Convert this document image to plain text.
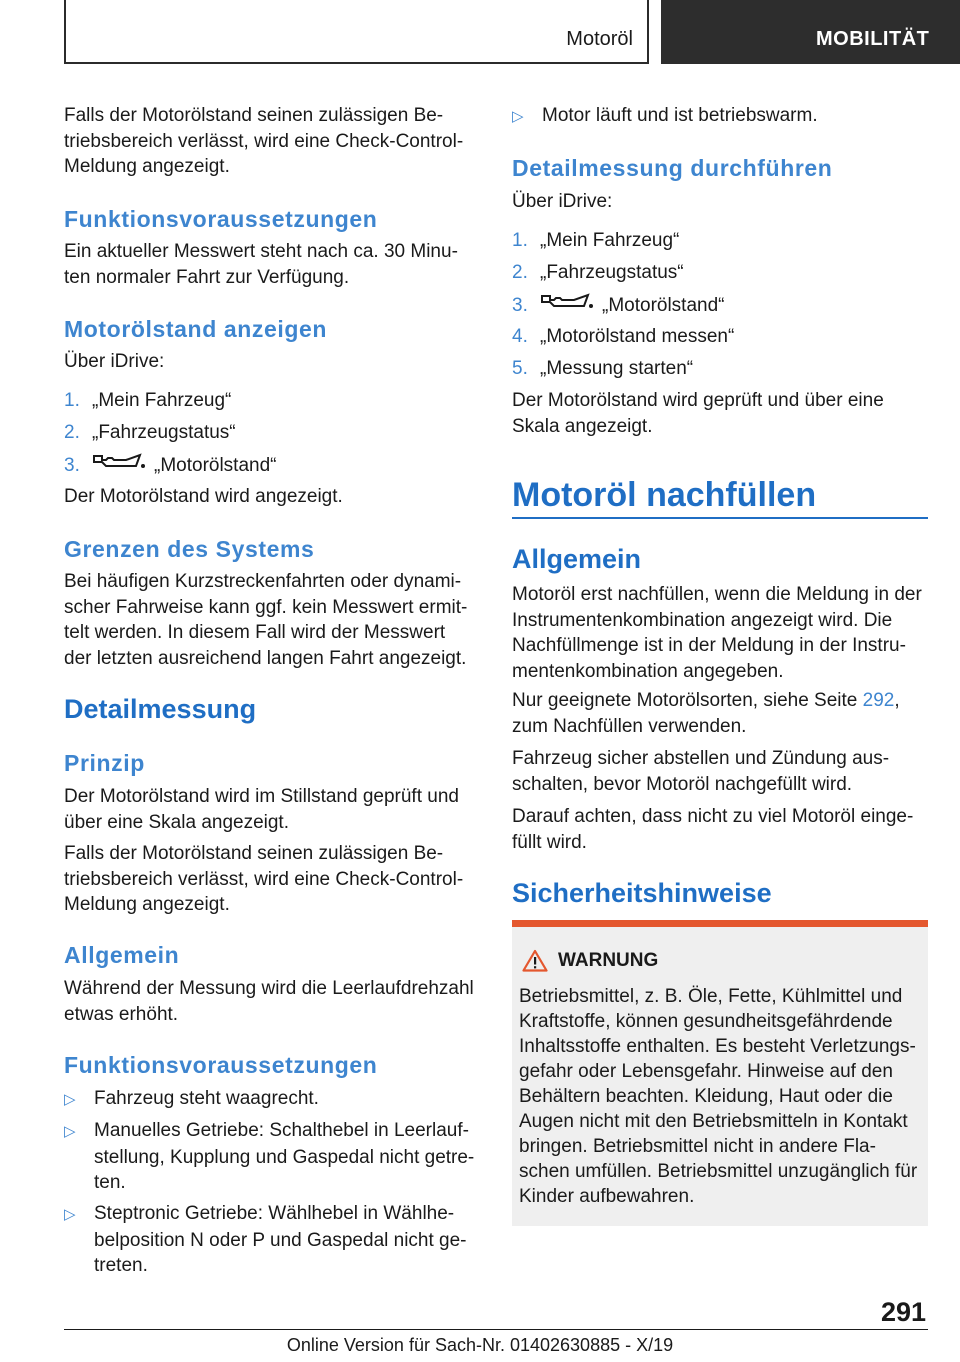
Motoröl	MOBILITÄT
Falls der Motorölstand seinen zulässigen Be-
triebsbereich verlässt, wird eine Check-Control-
Meldung angezeigt.
Funktionsvoraussetzungen
Ein aktueller Messwert steht nach ca. 30 Minu-
ten normaler Fahrt zur Verfügung.
Motorölstand anzeigen
Über iDrive:
1. „Mein Fahrzeug“
2. „Fahrzeugstatus“
3.	„Motorölstand“
Der Motorölstand wird angezeigt.
Grenzen des Systems
Bei häufigen Kurzstreckenfahrten oder dynami-
scher Fahrweise kann ggf. kein Messwert ermit-
telt werden. In diesem Fall wird der Messwert
der letzten ausreichend langen Fahrt angezeigt.
Detailmessung
Prinzip
Der Motorölstand wird im Stillstand geprüft und
über eine Skala angezeigt.
Falls der Motorölstand seinen zulässigen Be-
triebsbereich verlässt, wird eine Check-Control-
Meldung angezeigt.
Allgemein
Während der Messung wird die Leerlaufdrehzahl
etwas erhöht.
Funktionsvoraussetzungen
▷ Fahrzeug steht waagrecht.
▷ Manuelles Getriebe: Schalthebel in Leerlauf-
stellung, Kupplung und Gaspedal nicht getre-
ten.
▷ Steptronic Getriebe: Wählhebel in Wählhe-
belposition N oder P und Gaspedal nicht ge-
treten.
▷ Motor läuft und ist betriebswarm.
Detailmessung durchführen
Über iDrive:
1. „Mein Fahrzeug“
2. „Fahrzeugstatus“
3.	„Motorölstand“
4. „Motorölstand messen“
5. „Messung starten“
Der Motorölstand wird geprüft und über eine
Skala angezeigt.
Motoröl nachfüllen
Allgemein
Motoröl erst nachfüllen, wenn die Meldung in der
Instrumentenkombination angezeigt wird. Die
Nachfüllmenge ist in der Meldung in der Instru-
mentenkombination angegeben.
Nur geeignete Motorölsorten, siehe Seite 292,
zum Nachfüllen verwenden.
Fahrzeug sicher abstellen und Zündung aus-
schalten, bevor Motoröl nachgefüllt wird.
Darauf achten, dass nicht zu viel Motoröl einge-
füllt wird.
Sicherheitshinweise
WARNUNG
Betriebsmittel, z. B. Öle, Fette, Kühlmittel und
Kraftstoffe, können gesundheitsgefährdende
Inhaltsstoffe enthalten. Es besteht Verletzungs-
gefahr oder Lebensgefahr. Hinweise auf den
Behältern beachten. Kleidung, Haut oder die
Augen nicht mit den Betriebsmitteln in Kontakt
bringen. Betriebsmittel nicht in andere Fla-
schen umfüllen. Betriebsmittel unzugänglich für
Kinder aufbewahren.
291
Online Version für Sach-Nr. 01402630885 - X/19
